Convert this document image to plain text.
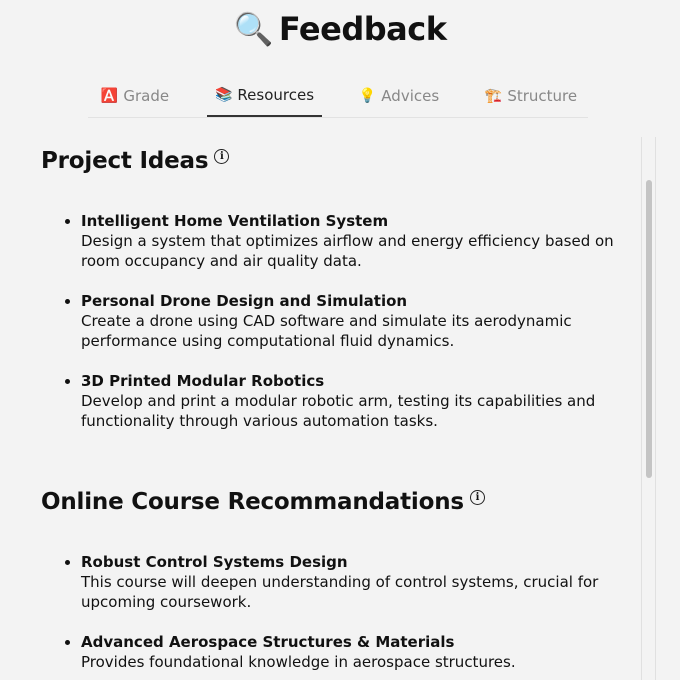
🔍 Feedback
🅰️ Grade	📚 Resources	💡 Advices	🏗️ Structure
Project Ideas i
• Intelligent Home Ventilation System
Design a system that optimizes airflow and energy efficiency based on room occupancy and air quality data.
• Personal Drone Design and Simulation
Create a drone using CAD software and simulate its aerodynamic performance using computational fluid dynamics.
• 3D Printed Modular Robotics
Develop and print a modular robotic arm, testing its capabilities and functionality through various automation tasks.
Online Course Recommandations i
• Robust Control Systems Design
This course will deepen understanding of control systems, crucial for upcoming coursework.
• Advanced Aerospace Structures & Materials
Provides foundational knowledge in aerospace structures.
